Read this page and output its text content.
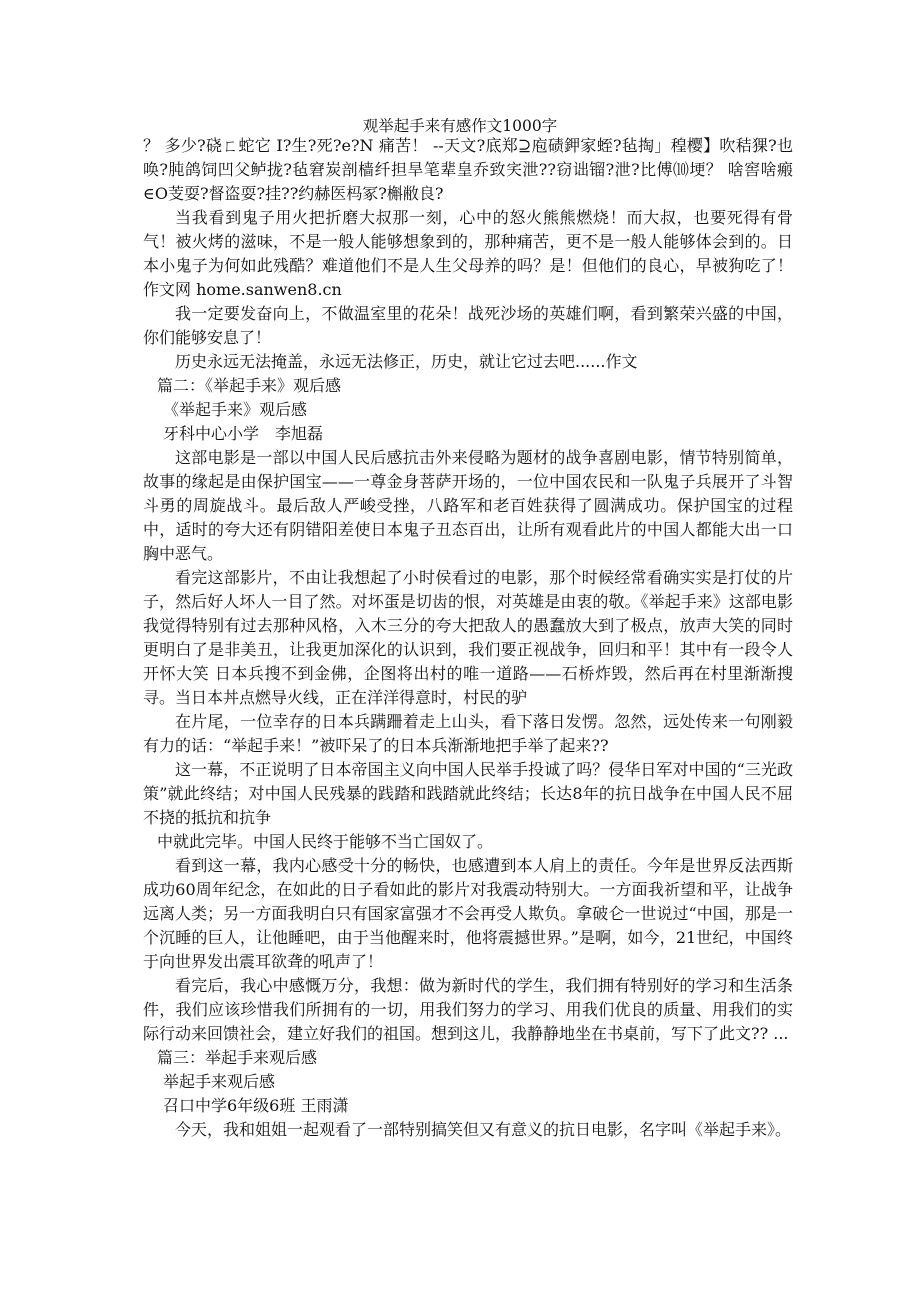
观举起手来有感作文1000字

？ 多少?硗ㄈ蛇它 I?生?死?e?N 痛苦！ --天文?底郑⊇庖碛鉀家蛭?毡掏」䅣樱】吹秸猓?也唤?肫鸽饲凹父鲈拢?毡窘炭剖樯纤担旱笔辈皇乔致宎泄??窃诎镏?泄?比傅⑽埂？ 啥窖啥瘢∈O芰耍?督盗耍?挂??约赫医杩冢?槲敝良?

当我看到鬼子用火把折磨大叔那一刻，心中的怒火熊熊燃烧！而大叔，也要死得有骨气！被火烤的滋味，不是一般人能够想象到的，那种痛苦，更不是一般人能够体会到的。日本小鬼子为何如此残酷？难道他们不是人生父母养的吗？是！但他们的良心，早被狗吃了！作文网 home.sanwen8.cn

我一定要发奋向上，不做温室里的花朵！战死沙场的英雄们啊，看到繁荣兴盛的中国，你们能够安息了！

历史永远无法掩盖，永远无法修正，历史，就让它过去吧......作文

篇二：《举起手来》观后感

《举起手来》观后感

牙科中心小学　李旭磊

这部电影是一部以中国人民后感抗击外来侵略为题材的战争喜剧电影，情节特别简单，故事的缘起是由保护国宝——一尊金身菩萨开场的，一位中国农民和一队鬼子兵展开了斗智斗勇的周旋战斗。最后敌人严峻受挫，八路军和老百姓获得了圆满成功。保护国宝的过程中，适时的夸大还有阴错阳差使日本鬼子丑态百出，让所有观看此片的中国人都能大出一口胸中恶气。

看完这部影片，不由让我想起了小时侯看过的电影，那个时候经常看确实实是打仗的片子，然后好人坏人一目了然。对坏蛋是切齿的恨，对英雄是由衷的敬。《举起手来》这部电影我觉得特别有过去那种风格，入木三分的夸大把敌人的愚蠢放大到了极点，放声大笑的同时更明白了是非美丑，让我更加深化的认识到，我们要正视战争，回归和平！其中有一段令人开怀大笑 日本兵搜不到金佛，企图将出村的唯一道路——石桥炸毁，然后再在村里渐渐搜寻。当日本丼点燃导火线，正在洋洋得意时，村民的驴

在片尾，一位幸存的日本兵蹒跚着走上山头，看下落日发愣。忽然，远处传来一句刚毅有力的话：“举起手来！”被吓呆了的日本兵渐渐地把手举了起来??

这一幕，不正说明了日本帝国主义向中国人民举手投诚了吗？侵华日军对中国的“三光政策”就此终结；对中国人民残暴的践踏和践踏就此终结；长达8年的抗日战争在中国人民不屈不挠的抵抗和抗争

中就此完毕。中国人民终于能够不当亡国奴了。

看到这一幕，我内心感受十分的畅快，也感遭到本人肩上的责任。今年是世界反法西斯成功60周年纪念，在如此的日子看如此的影片对我震动特别大。一方面我祈望和平，让战争远离人类；另一方面我明白只有国家富强才不会再受人欺负。拿破仑一世说过“中国，那是一个沉睡的巨人，让他睡吧，由于当他醒来时，他将震撼世界。”是啊，如今，21世纪，中国终于向世界发出震耳欲聋的吼声了！

看完后，我心中感慨万分，我想：做为新时代的学生，我们拥有特别好的学习和生活条件，我们应该珍惜我们所拥有的一切，用我们努力的学习、用我们优良的质量、用我们的实际行动来回馈社会，建立好我们的祖国。想到这儿，我静静地坐在书桌前，写下了此文?? ...

篇三：举起手来观后感

举起手来观后感

召口中学6年级6班 王雨潇

今天，我和姐姐一起观看了一部特别搞笑但又有意义的抗日电影，名字叫《举起手来》。
